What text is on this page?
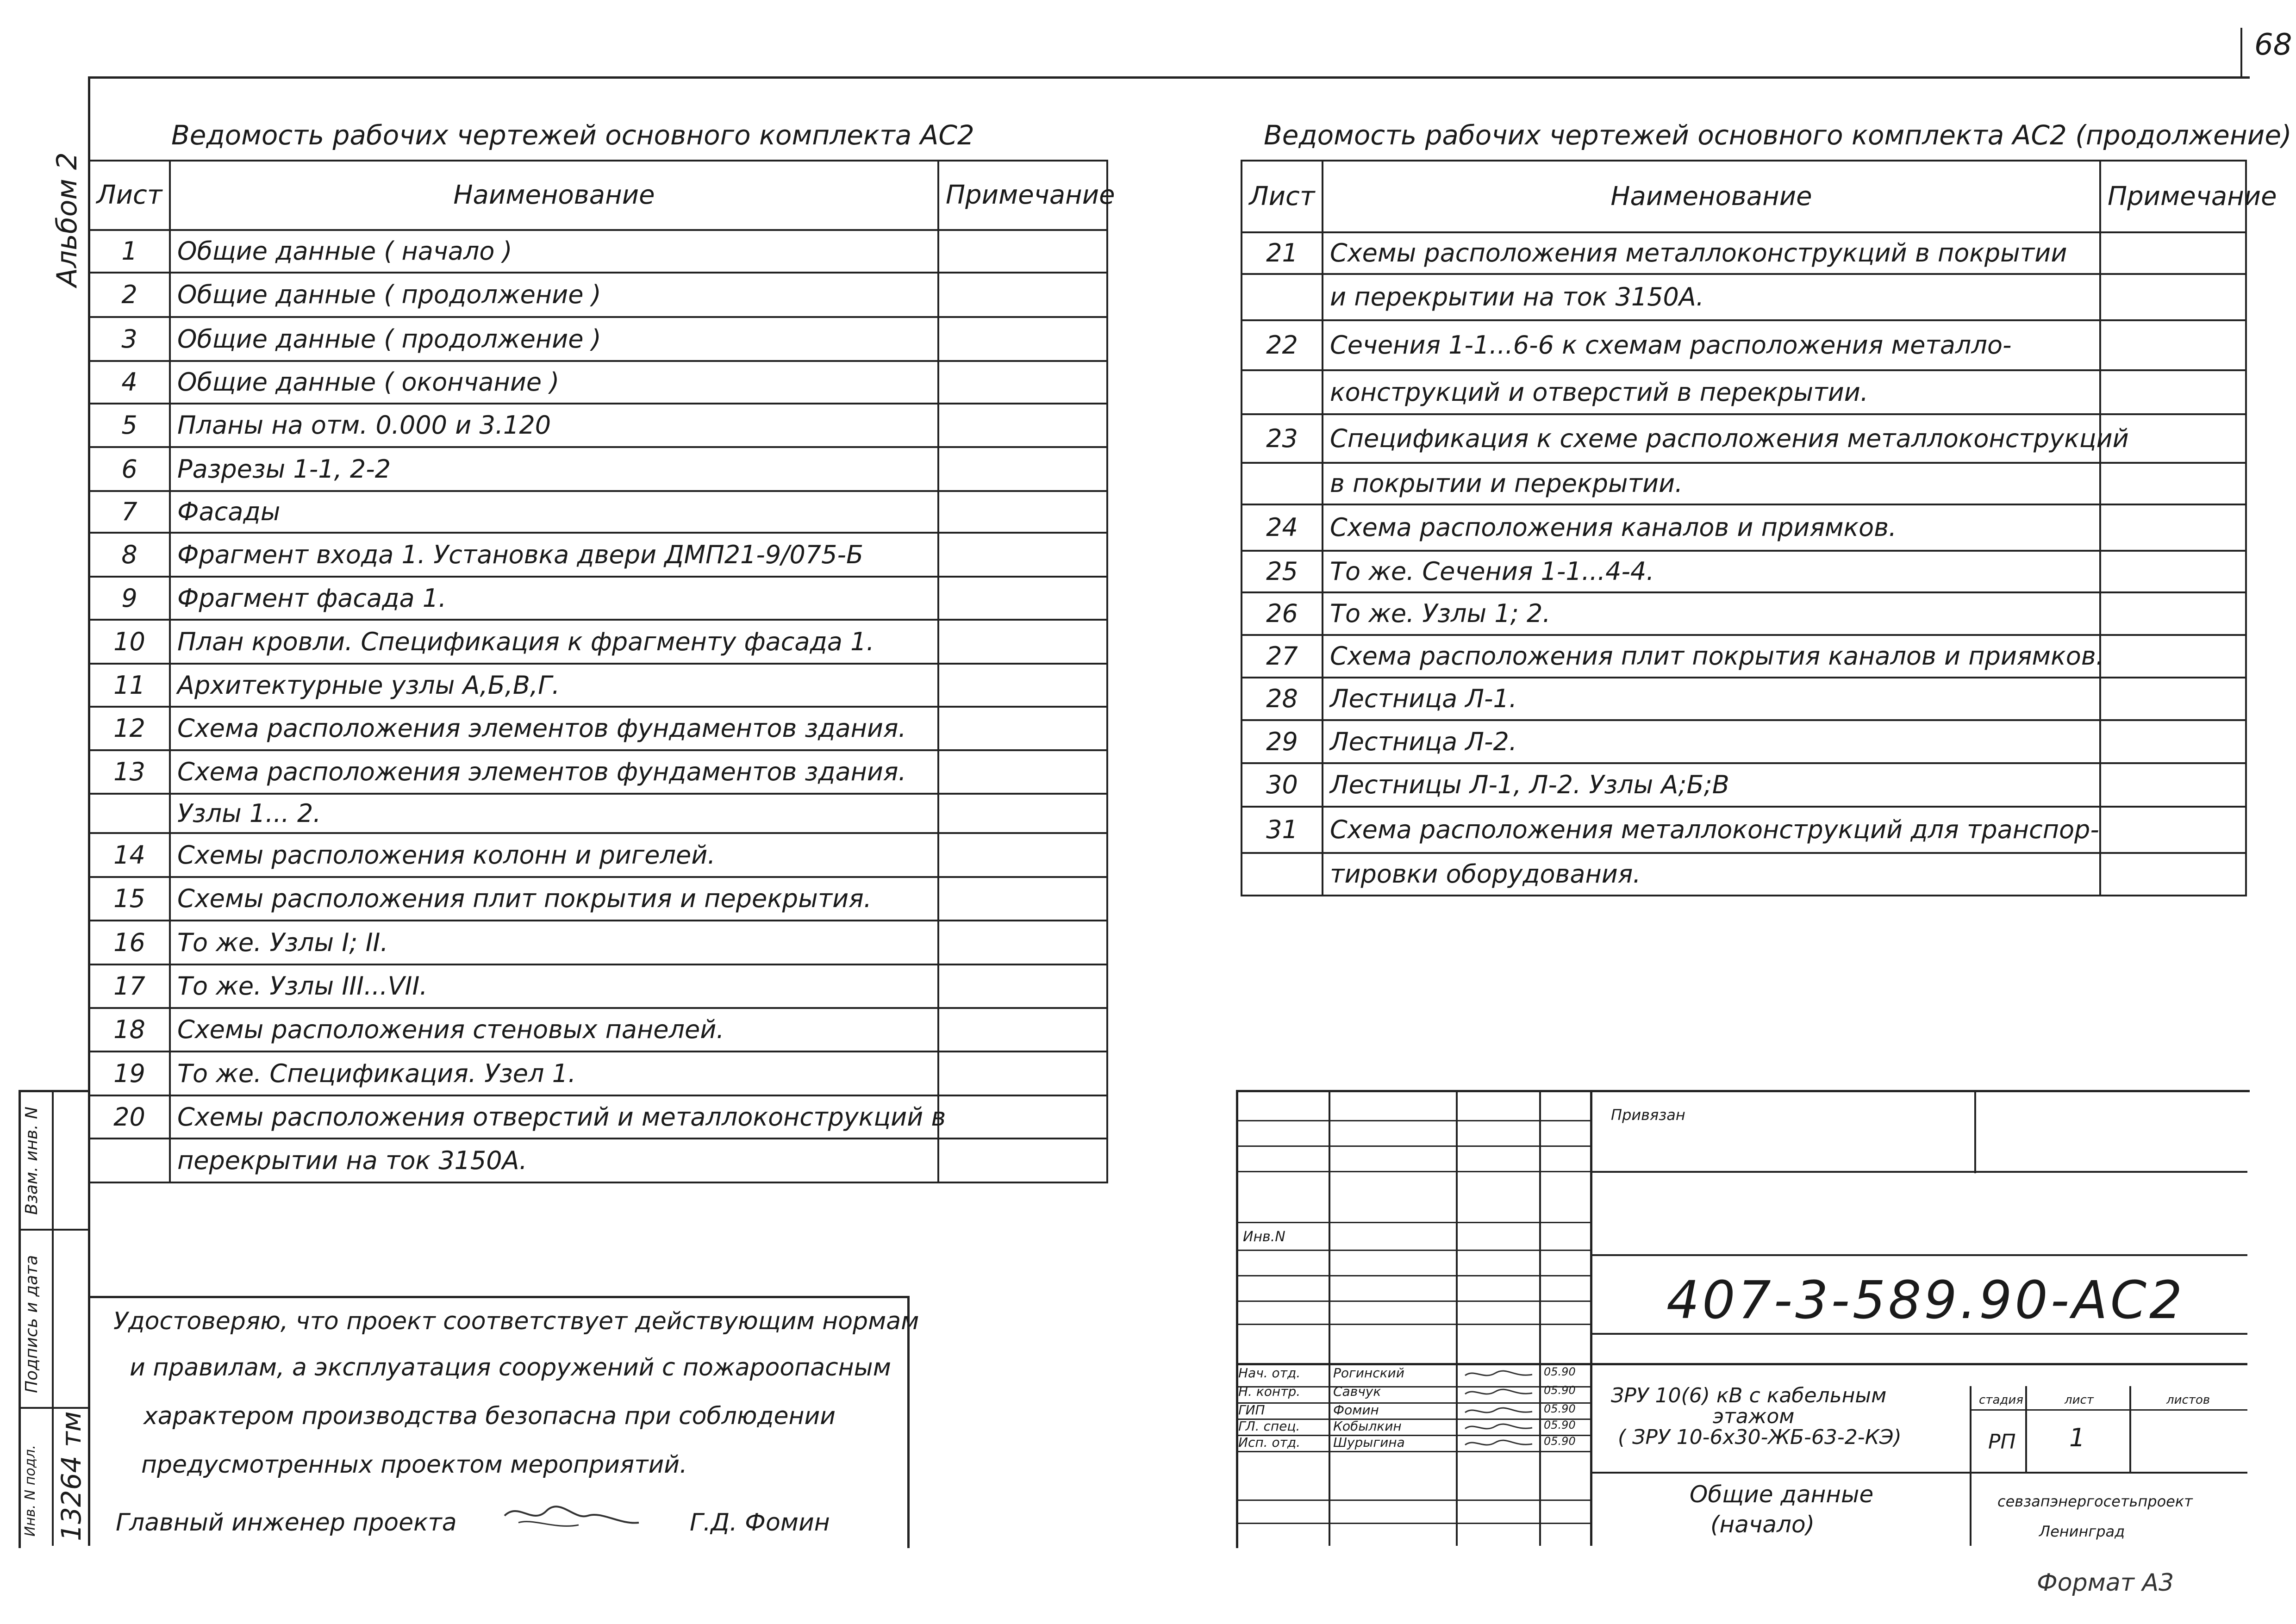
68
Альбом 2
Ведомость рабочих чертежей основного комплекта АС2
Лист	Наименование	Примечание
1	Общие данные ( начало )	
2	Общие данные ( продолжение )	
3	Общие данные ( продолжение )	
4	Общие данные ( окончание )	
5	Планы на отм. 0.000 и 3.120	
6	Разрезы 1-1, 2-2	
7	Фасады	
8	Фрагмент входа 1. Установка двери ДМП21-9/075-Б	
9	Фрагмент фасада 1.	
10	План кровли. Спецификация к фрагменту фасада 1.	
11	Архитектурные узлы А,Б,В,Г.	
12	Схема расположения элементов фундаментов здания.	
13	Схема расположения элементов фундаментов здания.	
	Узлы 1... 2.	
14	Схемы расположения колонн и ригелей.	
15	Схемы расположения плит покрытия и перекрытия.	
16	То же. Узлы I; II.	
17	То же. Узлы III...VII.	
18	Схемы расположения стеновых панелей.	
19	То же. Спецификация. Узел 1.	
20	Схемы расположения отверстий и металлоконструкций в	
	перекрытии на ток 3150А.	
Ведомость рабочих чертежей основного комплекта АС2 (продолжение)
Лист	Наименование	Примечание
21	Схемы расположения металлоконструкций в покрытии	
	и перекрытии на ток 3150А.	
22	Сечения 1-1...6-6 к схемам расположения металло-	
	конструкций и отверстий в перекрытии.	
23	Спецификация к схеме расположения металлоконструкций	
	в покрытии и перекрытии.	
24	Схема расположения каналов и приямков.	
25	То же. Сечения 1-1...4-4.	
26	То же. Узлы 1; 2.	
27	Схема расположения плит покрытия каналов и приямков.	
28	Лестница Л-1.	
29	Лестница Л-2.	
30	Лестницы Л-1, Л-2. Узлы А;Б;В	
31	Схема расположения металлоконструкций для транспор-	
	тировки оборудования.	
Удостоверяю, что проект соответствует действующим нормам
и правилам, а эксплуатация сооружений с пожароопасным
характером производства безопасна при соблюдении
предусмотренных проектом мероприятий.
Главный инженер проекта	Г.Д. Фомин
Взам. инв. N
Подпись и дата
Инв. N подл. 13264 тм
Привязан
Инв.N
407-3-589.90-АС2
Нач. отд.	Рогинский	05.90
Н. контр.	Савчук	05.90
ГИП	Фомин	05.90
ГЛ. спец.	Кобылкин	05.90
Исп. отд.	Шурыгина	05.90
ЗРУ 10(6) кВ с кабельным
этажом
( ЗРУ 10-6х30-ЖБ-63-2-КЭ)
Общие данные
(начало)
стадия	лист	листов
РП 1
севзапэнергосетьпроект
Ленинград
Формат А3
